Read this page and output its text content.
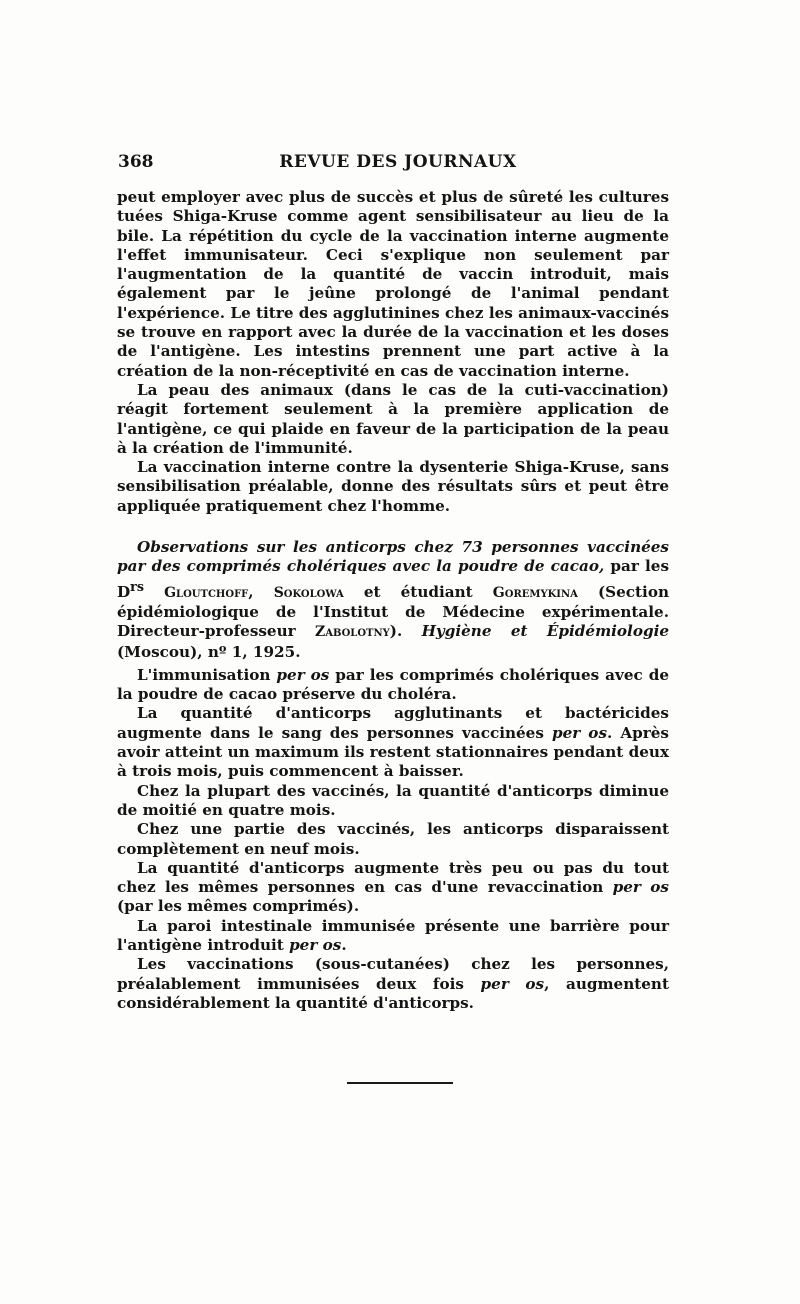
368	REVUE DES JOURNAUX

peut employer avec plus de succès et plus de sûreté les cultures tuées Shiga-Kruse comme agent sensibilisateur au lieu de la bile. La répétition du cycle de la vaccination interne augmente l'effet immunisateur. Ceci s'explique non seulement par l'augmentation de la quantité de vaccin introduit, mais également par le jeûne prolongé de l'animal pendant l'expérience. Le titre des agglutinines chez les animaux-vaccinés se trouve en rapport avec la durée de la vaccination et les doses de l'antigène. Les intestins prennent une part active à la création de la non-réceptivité en cas de vaccination interne.

La peau des animaux (dans le cas de la cuti-vaccination) réagit fortement seulement à la première application de l'antigène, ce qui plaide en faveur de la participation de la peau à la création de l'immunité.

La vaccination interne contre la dysenterie Shiga-Kruse, sans sensibilisation préalable, donne des résultats sûrs et peut être appliquée pratiquement chez l'homme.

Observations sur les anticorps chez 73 personnes vaccinées par des comprimés cholériques avec la poudre de cacao, par les $D^{rs}$ Gloutchoff, Sokolowa et étudiant Goremykina (Section épidémiologique de l'Institut de Médecine expérimentale. Directeur-professeur Zabolotny). Hygiène et Épidémiologie (Moscou), nº 1, 1925.

L'immunisation per os par les comprimés cholériques avec de la poudre de cacao préserve du choléra.

La quantité d'anticorps agglutinants et bactéricides augmente dans le sang des personnes vaccinées per os. Après avoir atteint un maximum ils restent stationnaires pendant deux à trois mois, puis commencent à baisser.

Chez la plupart des vaccinés, la quantité d'anticorps diminue de moitié en quatre mois.

Chez une partie des vaccinés, les anticorps disparaissent complètement en neuf mois.

La quantité d'anticorps augmente très peu ou pas du tout chez les mêmes personnes en cas d'une revaccination per os (par les mêmes comprimés).

La paroi intestinale immunisée présente une barrière pour l'antigène introduit per os.

Les vaccinations (sous-cutanées) chez les personnes, préalablement immunisées deux fois per os, augmentent considérablement la quantité d'anticorps.
